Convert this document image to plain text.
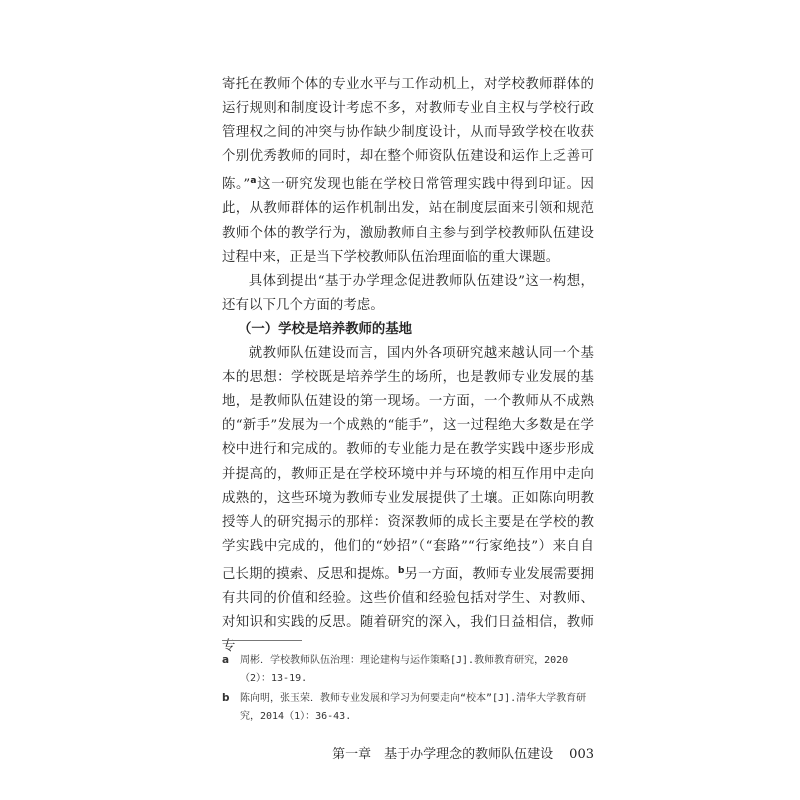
寄托在教师个体的专业水平与工作动机上，对学校教师群体的运行规则和制度设计考虑不多，对教师专业自主权与学校行政管理权之间的冲突与协作缺少制度设计，从而导致学校在收获个别优秀教师的同时，却在整个师资队伍建设和运作上乏善可陈。”$^a$这一研究发现也能在学校日常管理实践中得到印证。因此，从教师群体的运作机制出发，站在制度层面来引领和规范教师个体的教学行为，激励教师自主参与到学校教师队伍建设过程中来，正是当下学校教师队伍治理面临的重大课题。

具体到提出“基于办学理念促进教师队伍建设”这一构想，还有以下几个方面的考虑。

（一）学校是培养教师的基地

就教师队伍建设而言，国内外各项研究越来越认同一个基本的思想：学校既是培养学生的场所，也是教师专业发展的基地，是教师队伍建设的第一现场。一方面，一个教师从不成熟的“新手”发展为一个成熟的“能手”，这一过程绝大多数是在学校中进行和完成的。教师的专业能力是在教学实践中逐步形成并提高的，教师正是在学校环境中并与环境的相互作用中走向成熟的，这些环境为教师专业发展提供了土壤。正如陈向明教授等人的研究揭示的那样：资深教师的成长主要是在学校的教学实践中完成的，他们的“妙招”（“套路”“行家绝技”）来自自己长期的摸索、反思和提炼。$^b$另一方面，教师专业发展需要拥有共同的价值和经验。这些价值和经验包括对学生、对教师、对知识和实践的反思。随着研究的深入，我们日益相信，教师专

a 周彬．学校教师队伍治理：理论建构与运作策略[J].教师教育研究，2020（2）：13-19.
b 陈向明，张玉荣．教师专业发展和学习为何要走向“校本”[J].清华大学教育研究，2014（1）：36-43.
第一章　基于办学理念的教师队伍建设 003
